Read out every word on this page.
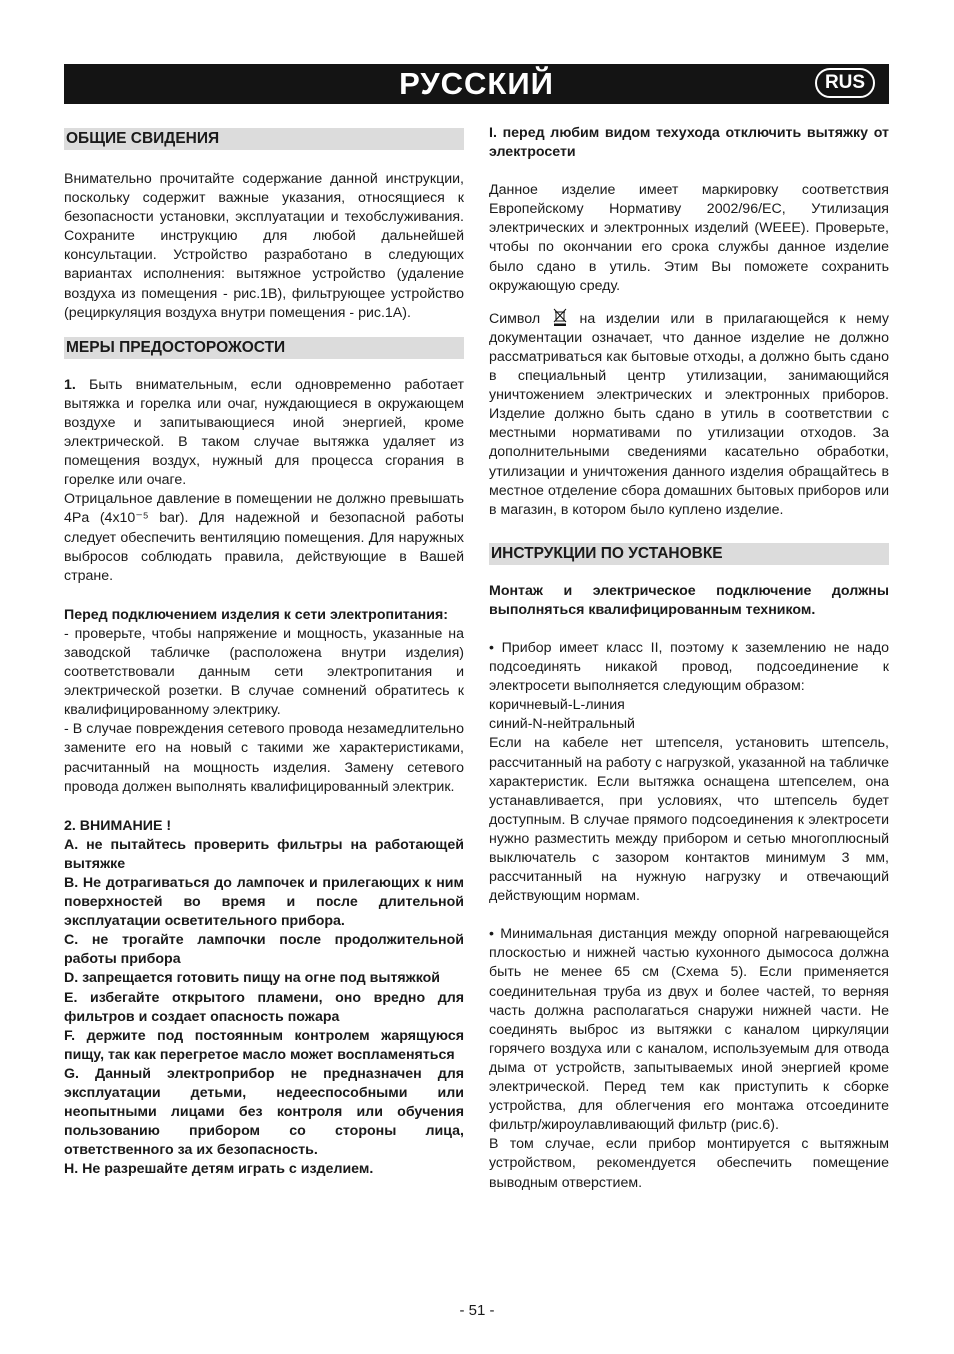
РУССКИЙ	RUS
ОБЩИЕ СВИДЕНИЯ

Внимательно прочитайте содержание данной инструкции, поскольку содержит важные указания, относящиеся к безопасности установки, эксплуатации и техобслуживания. Сохраните инструкцию для любой дальнейшей консультации. Устройство разработано в следующих вариантах исполнения: вытяжное устройство (удаление воздуха из помещения - рис.1B), фильтрующее устройство (рециркуляция воздуха внутри помещения - рис.1A).

МЕРЫ ПРЕДОСТОРОЖОСТИ

1. Быть внимательным, если одновременно работает вытяжка и горелка или очаг, нуждающиеся в окружающем воздухе и запитывающиеся иной энергией, кроме электрической. В таком случае вытяжка удаляет из помещения воздух, нужный для процесса сгорания в горелке или очаге.

Отрицальное давление в помещении не должно превышать 4Pa (4x10⁻⁵ bar). Для надежной и безопасной работы следует обеспечить вентиляцию помещения. Для наружных выбросов соблюдать правила, действующие в Вашей стране.

Перед подключением изделия к сети электропитания:

- проверьте, чтобы напряжение и мощность, указанные на заводской табличке (расположена внутри изделия) соответствовали данным сети электропитания и электрической розетки. В случае сомнений обратитесь к квалифицированному электрику.

- В случае повреждения сетевого провода незамедлительно замените его на новый с такими же характеристиками, расчитанный на мощность изделия. Замену сетевого провода должен выполнять квалифицированный электрик.

2. ВНИМАНИЕ !

A. не пытайтесь проверить фильтры на работающей вытяжке

B. Не дотрагиваться до лампочек и прилегающих к ним поверхностей во время и после длительной эксплуатации осветительного прибора.

C. не трогайте лампочки после продолжительной работы прибора

D. запрещается готовить пищу на огне под вытяжкой

E. избегайте открытого пламени, оно вредно для фильтров и создает опасность пожара

F. держите под постоянным контролем жарящуюся пищу, так как перегретое масло может воспламеняться

G. Данный электроприбор не предназначен для эксплуатации детьми, недееспособными или неопытными лицами без контроля или обучения пользованию прибором со стороны лица, ответственного за их безопасность.

H. Не разрешайте детям играть с изделием.

I. перед любим видом техухода отключить вытяжку от электросети

Данное изделие имеет маркировку соответствия Европейскому Нормативу 2002/96/EC, Утилизация электрических и электронных изделий (WEEE). Проверьте, чтобы по окончании его срока службы данное изделие было сдано в утиль. Этим Вы поможете сохранить окружающую среду.

Символ  на изделии или в прилагающейся к нему документации означает, что данное изделие не должно рассматриваться как бытовые отходы, а должно быть сдано в специальный центр утилизации, занимающийся уничтожением электрических и электронных приборов. Изделие должно быть сдано в утиль в соответствии с местными нормативами по утилизации отходов. За дополнительными сведениями касательно обработки, утилизации и уничтожения данного изделия обращайтесь в местное отделение сбора домашних бытовых приборов или в магазин, в котором было куплено изделие.

ИНСТРУКЦИИ ПО УСТАНОВКЕ

Монтаж и электрическое подключение должны выполняться квалифицированным техником.

• Прибор имеет класс II, поэтому к заземлению не надо подсоединять никакой провод, подсоединение к электросети выполняется следующим образом:

коричневый-L-линия

синий-N-нейтральный

Если на кабеле нет штепселя, установить штепсель, рассчитанный на работу с нагрузкой, указанной на табличке характеристик. Если вытяжка оснащена штепселем, она устанавливается, при условиях, что штепсель будет доступным. В случае прямого подсоединения к электросети нужно разместить между прибором и сетью многоплюсный выключатель с зазором контактов минимум 3 мм, рассчитанный на нужную нагрузку и отвечающий действующим нормам.

• Минимальная дистанция между опорной нагревающейся плоскостью и нижней частью кухонного дымососа должна быть не менее 65 см (Схема 5). Если применяется соединительная труба из двух и более частей, то верняя часть должна располагаться снаружи нижней части. Не соединять выброс из вытяжки с каналом циркуляции горячего воздуха или с каналом, используемым для отвода дыма от устройств, запытываемых иной энергией кроме электрической. Перед тем как приступить к сборке устройства, для облегчения его монтажа отсоедините фильтр/жироулавливающий фильтр (рис.6).

В том случае, если прибор монтируется с вытяжным устройством, рекомендуется обеспечить помещение выводным отверстием.

- 51 -
